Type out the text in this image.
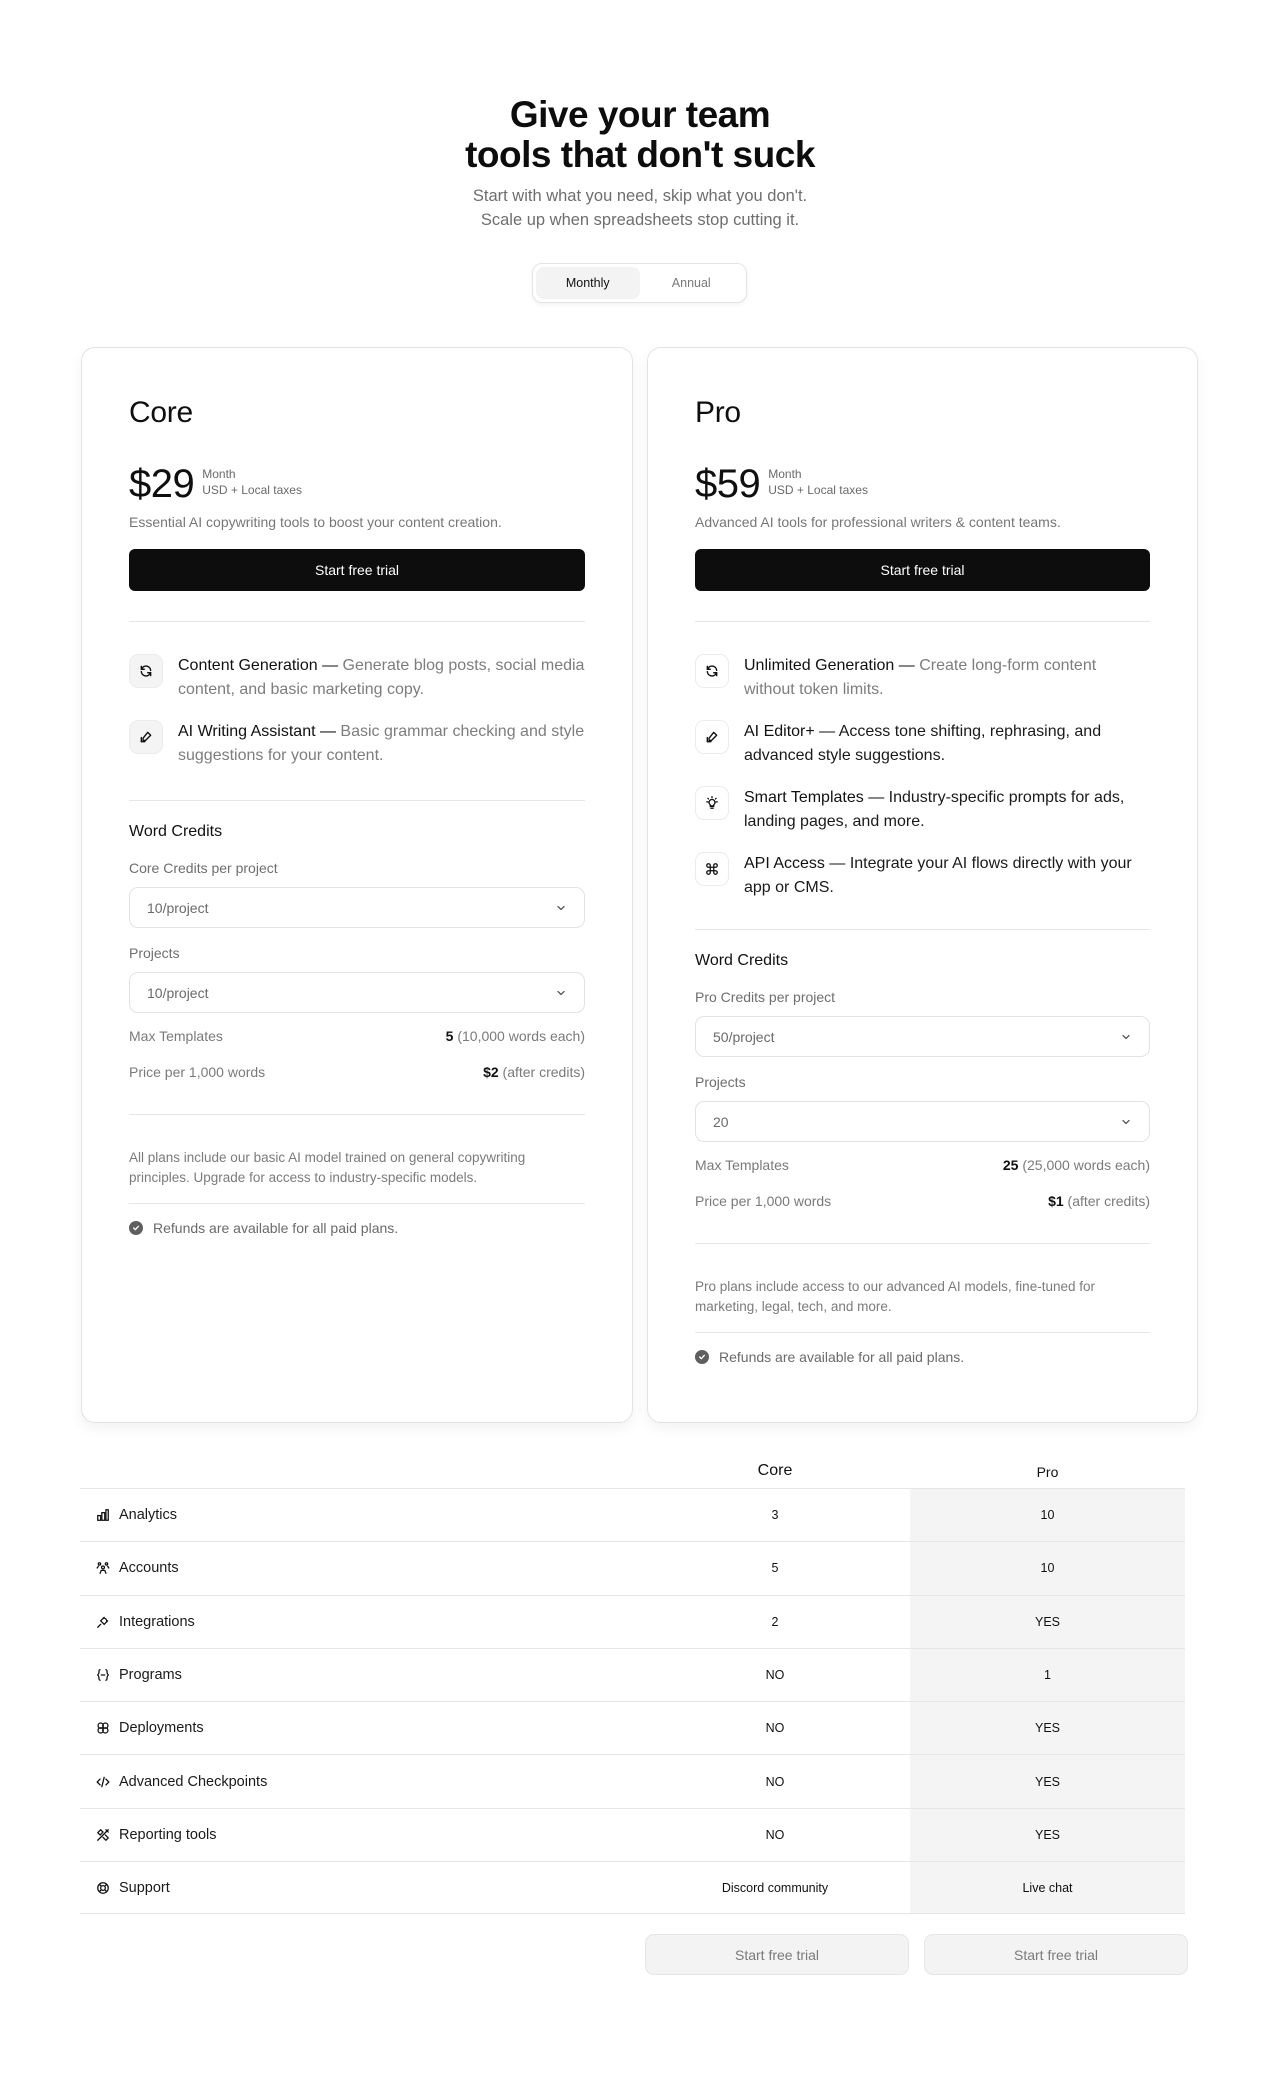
Give your team
tools that don't suck

Start with what you need, skip what you don't.
Scale up when spreadsheets stop cutting it.

Monthly	Annual
Core
$29 Month
USD + Local taxes
Essential AI copywriting tools to boost your content creation.
Start free trial
Content Generation — Generate blog posts, social media content, and basic marketing copy.
AI Writing Assistant — Basic grammar checking and style suggestions for your content.
Word Credits
Core Credits per project
10/project
Projects
10/project
Max Templates	5 (10,000 words each)
Price per 1,000 words	$2 (after credits)
All plans include our basic AI model trained on general copywriting principles. Upgrade for access to industry-specific models.
Refunds are available for all paid plans.
Pro
$59 Month
USD + Local taxes
Advanced AI tools for professional writers & content teams.
Start free trial
Unlimited Generation — Create long-form content without token limits.
AI Editor+ — Access tone shifting, rephrasing, and advanced style suggestions.
Smart Templates — Industry-specific prompts for ads, landing pages, and more.
API Access — Integrate your AI flows directly with your app or CMS.
Word Credits
Pro Credits per project
50/project
Projects
20
Max Templates	25 (25,000 words each)
Price per 1,000 words	$1 (after credits)
Pro plans include access to our advanced AI models, fine-tuned for marketing, legal, tech, and more.
Refunds are available for all paid plans.
Core	Pro
Analytics	3	10
Accounts	5	10
Integrations	2	YES
Programs	NO	1
Deployments	NO	YES
Advanced Checkpoints	NO	YES
Reporting tools	NO	YES
Support	Discord community	Live chat
Start free trial	Start free trial
